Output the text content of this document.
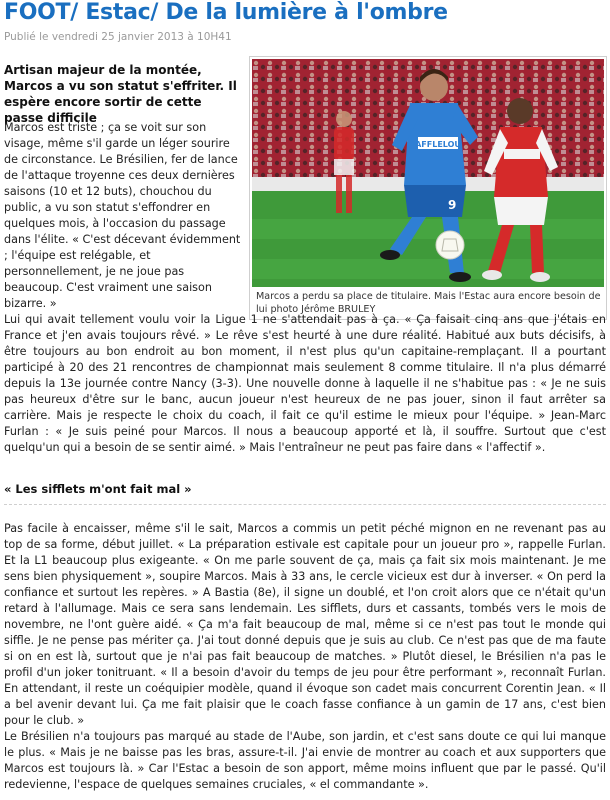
FOOT/ Estac/ De la lumière à l'ombre
Publié le vendredi 25 janvier 2013 à 10H41

Artisan majeur de la montée, Marcos a vu son statut s'effriter. Il espère encore sortir de cette passe difficile

Marcos est triste ; ça se voit sur son visage, même s'il garde un léger sourire de circonstance. Le Brésilien, fer de lance de l'attaque troyenne ces deux dernières saisons (10 et 12 buts), chouchou du public, a vu son statut s'effondrer en quelques mois, à l'occasion du passage dans l'élite. « C'est décevant évidemment ; l'équipe est relégable, et personnellement, je ne joue pas beaucoup. C'est vraiment une saison bizarre. »

AFFLELOU
9
Marcos a perdu sa place de titulaire. Mais l'Estac aura encore besoin de lui photo Jérôme BRULEY

Lui qui avait tellement voulu voir la Ligue 1 ne s'attendait pas à ça. « Ça faisait cinq ans que j'étais en France et j'en avais toujours rêvé. » Le rêve s'est heurté à une dure réalité. Habitué aux buts décisifs, à être toujours au bon endroit au bon moment, il n'est plus qu'un capitaine-remplaçant. Il a pourtant participé à 20 des 21 rencontres de championnat mais seulement 8 comme titulaire. Il n'a plus démarré depuis la 13e journée contre Nancy (3-3). Une nouvelle donne à laquelle il ne s'habitue pas : « Je ne suis pas heureux d'être sur le banc, aucun joueur n'est heureux de ne pas jouer, sinon il faut arrêter sa carrière. Mais je respecte le choix du coach, il fait ce qu'il estime le mieux pour l'équipe. » Jean-Marc Furlan : « Je suis peiné pour Marcos. Il nous a beaucoup apporté et là, il souffre. Surtout que c'est quelqu'un qui a besoin de se sentir aimé. » Mais l'entraîneur ne peut pas faire dans « l'affectif ».

« Les sifflets m'ont fait mal »

Pas facile à encaisser, même s'il le sait, Marcos a commis un petit péché mignon en ne revenant pas au top de sa forme, début juillet. « La préparation estivale est capitale pour un joueur pro », rappelle Furlan. Et la L1 beaucoup plus exigeante. « On me parle souvent de ça, mais ça fait six mois maintenant. Je me sens bien physiquement », soupire Marcos. Mais à 33 ans, le cercle vicieux est dur à inverser. « On perd la confiance et surtout les repères. » A Bastia (8e), il signe un doublé, et l'on croit alors que ce n'était qu'un retard à l'allumage. Mais ce sera sans lendemain. Les sifflets, durs et cassants, tombés vers le mois de novembre, ne l'ont guère aidé. « Ça m'a fait beaucoup de mal, même si ce n'est pas tout le monde qui siffle. Je ne pense pas mériter ça. J'ai tout donné depuis que je suis au club. Ce n'est pas que de ma faute si on en est là, surtout que je n'ai pas fait beaucoup de matches. » Plutôt diesel, le Brésilien n'a pas le profil d'un joker tonitruant. « Il a besoin d'avoir du temps de jeu pour être performant », reconnaît Furlan. En attendant, il reste un coéquipier modèle, quand il évoque son cadet mais concurrent Corentin Jean. « Il a bel avenir devant lui. Ça me fait plaisir que le coach fasse confiance à un gamin de 17 ans, c'est bien pour le club. »

Le Brésilien n'a toujours pas marqué au stade de l'Aube, son jardin, et c'est sans doute ce qui lui manque le plus. « Mais je ne baisse pas les bras, assure-t-il. J'ai envie de montrer au coach et aux supporters que Marcos est toujours là. » Car l'Estac a besoin de son apport, même moins influent que par le passé. Qu'il redevienne, l'espace de quelques semaines cruciales, « el commandante ».
